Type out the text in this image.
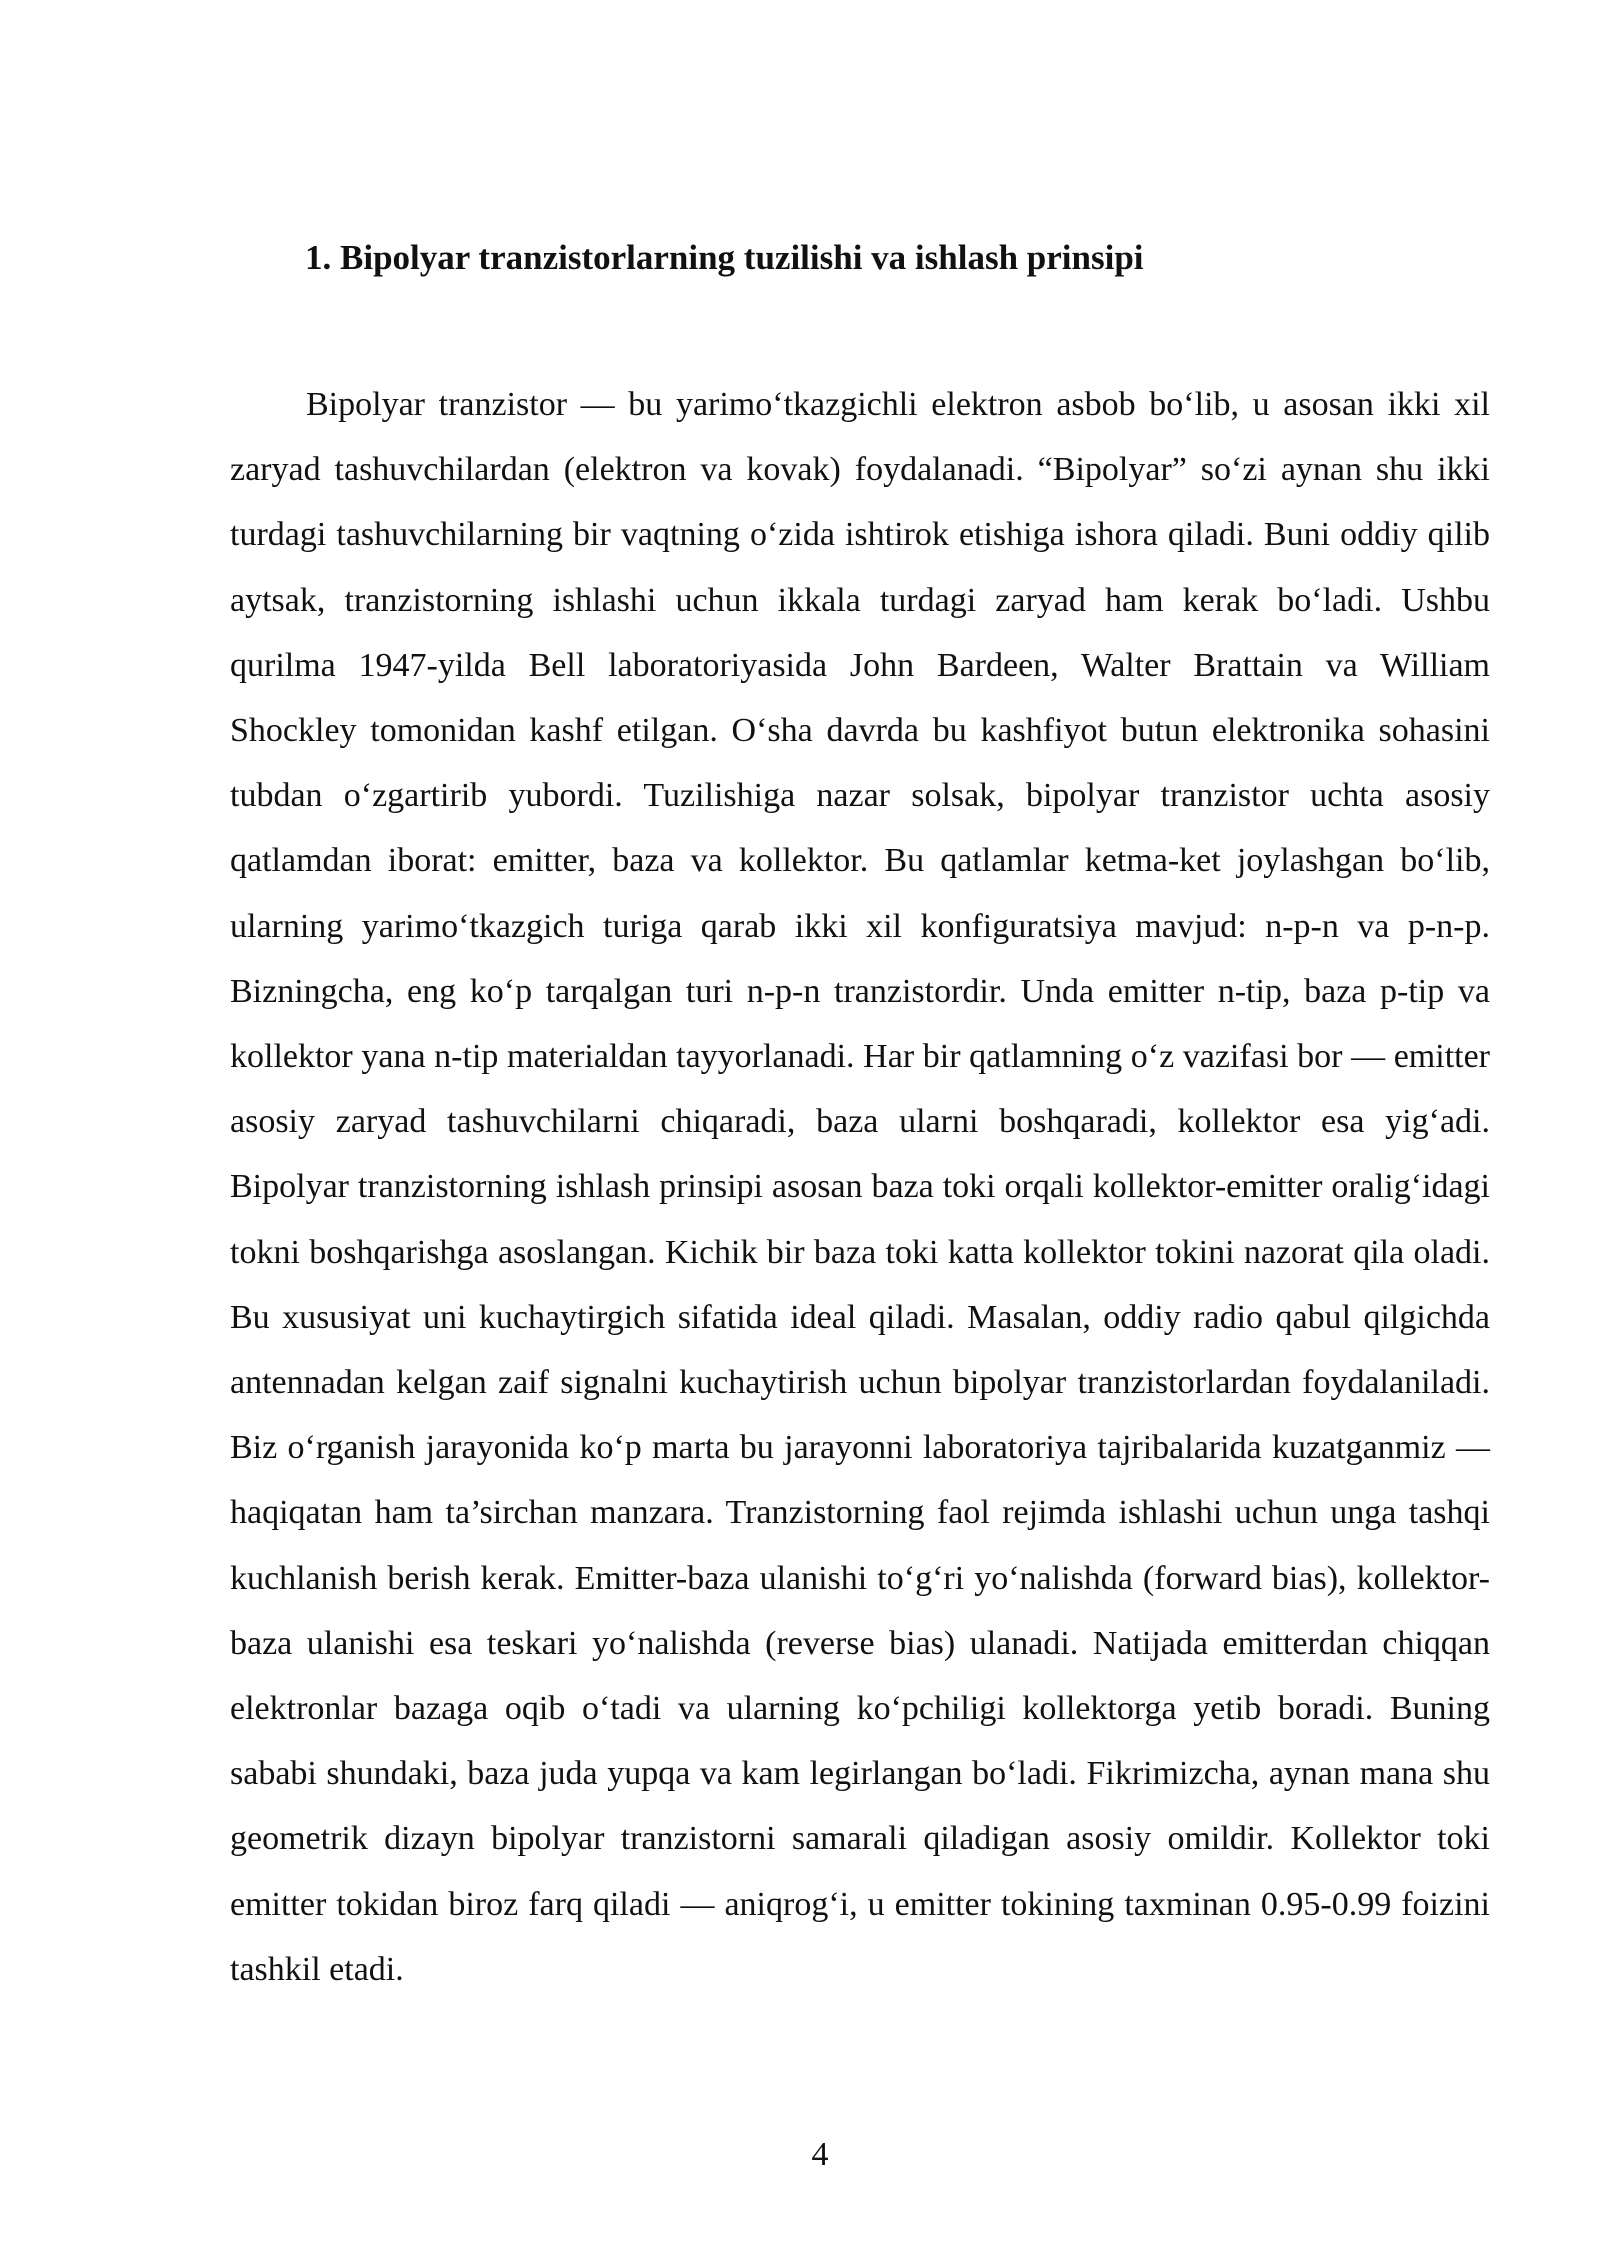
1. Bipolyar tranzistorlarning tuzilishi va ishlash prinsipi

Bipolyar tranzistor — bu yarimo‘tkazgichli elektron asbob bo‘lib, u asosan ikki xil zaryad tashuvchilardan (elektron va kovak) foydalanadi. “Bipolyar” so‘zi aynan shu ikki turdagi tashuvchilarning bir vaqtning o‘zida ishtirok etishiga ishora qiladi. Buni oddiy qilib aytsak, tranzistorning ishlashi uchun ikkala turdagi zaryad ham kerak bo‘ladi. Ushbu qurilma 1947-yilda Bell laboratoriyasida John Bardeen, Walter Brattain va William Shockley tomonidan kashf etilgan. O‘sha davrda bu kashfiyot butun elektronika sohasini tubdan o‘zgartirib yubordi. Tuzilishiga nazar solsak, bipolyar tranzistor uchta asosiy qatlamdan iborat: emitter, baza va kollektor. Bu qatlamlar ketma-ket joylashgan bo‘lib, ularning yarimo‘tkazgich turiga qarab ikki xil konfiguratsiya mavjud: n-p-n va p-n-p. Bizningcha, eng ko‘p tarqalgan turi n-p-n tranzistordir. Unda emitter n-tip, baza p-tip va kollektor yana n-tip materialdan tayyorlanadi. Har bir qatlamning o‘z vazifasi bor — emitter asosiy zaryad tashuvchilarni chiqaradi, baza ularni boshqaradi, kollektor esa yig‘adi. Bipolyar tranzistorning ishlash prinsipi asosan baza toki orqali kollektor-emitter oralig‘idagi tokni boshqarishga asoslangan. Kichik bir baza toki katta kollektor tokini nazorat qila oladi. Bu xususiyat uni kuchaytirgich sifatida ideal qiladi. Masalan, oddiy radio qabul qilgichda antennadan kelgan zaif signalni kuchaytirish uchun bipolyar tranzistorlardan foydalaniladi. Biz o‘rganish jarayonida ko‘p marta bu jarayonni laboratoriya tajribalarida kuzatganmiz — haqiqatan ham ta’sirchan manzara. Tranzistorning faol rejimda ishlashi uchun unga tashqi kuchlanish berish kerak. Emitter-baza ulanishi to‘g‘ri yo‘nalishda (forward bias), kollektor-baza ulanishi esa teskari yo‘nalishda (reverse bias) ulanadi. Natijada emitterdan chiqqan elektronlar bazaga oqib o‘tadi va ularning ko‘pchiligi kollektorga yetib boradi. Buning sababi shundaki, baza juda yupqa va kam legirlangan bo‘ladi. Fikrimizcha, aynan mana shu geometrik dizayn bipolyar tranzistorni samarali qiladigan asosiy omildir. Kollektor toki emitter tokidan biroz farq qiladi — aniqrog‘i, u emitter tokining taxminan 0.95-0.99 foizini tashkil etadi.

4
